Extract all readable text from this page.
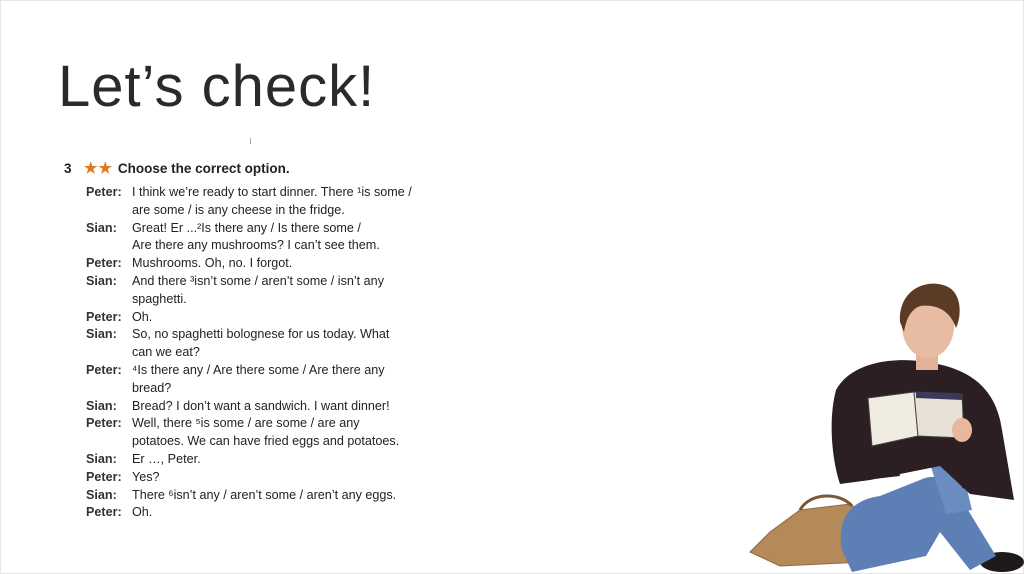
Let’s check!
3 ★★ Choose the correct option.
Peter: I think we’re ready to start dinner. There ¹is some /
are some / is any cheese in the fridge.
Sian:	Great! Er ...²Is there any / Is there some /
Are there any mushrooms? I can’t see them.
Peter: Mushrooms. Oh, no. I forgot.
Sian:	And there ³isn’t some / aren’t some / isn’t any
spaghetti.
Peter: Oh.
Sian:	So, no spaghetti bolognese for us today. What
can we eat?
Peter: ⁴Is there any / Are there some / Are there any
bread?
Sian:	Bread? I don’t want a sandwich. I want dinner!
Peter: Well, there ⁵is some / are some / are any
potatoes. We can have fried eggs and potatoes.
Sian:	Er …, Peter.
Peter: Yes?
Sian:	There ⁶isn’t any / aren’t some / aren’t any eggs.
Peter: Oh.
